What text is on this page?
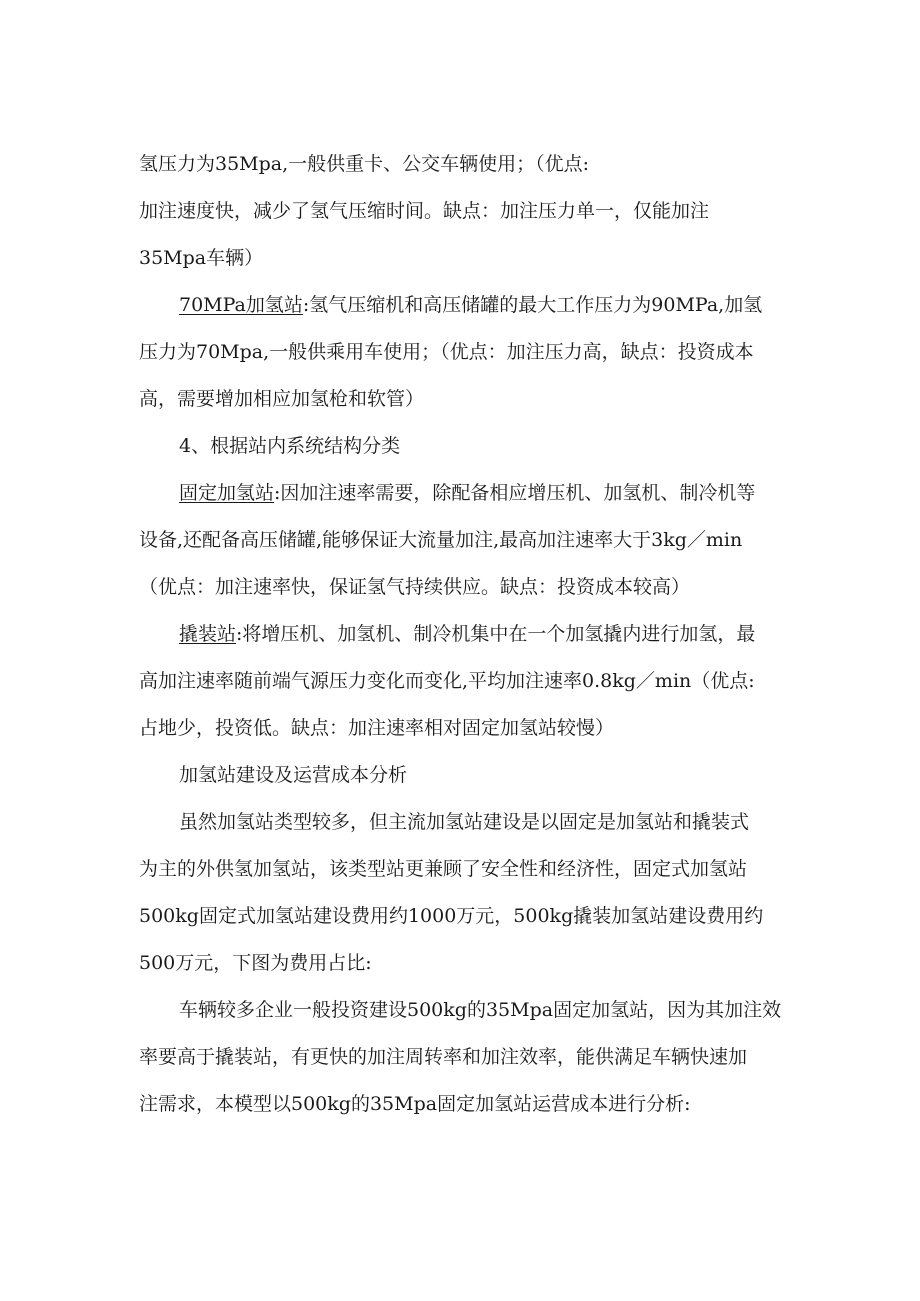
氢压力为35Mpa,一般供重卡、公交车辆使用；（优点:
加注速度快，减少了氢气压缩时间。缺点：加注压力单一，仅能加注
35Mpa车辆）
70MPa加氢站:氢气压缩机和高压储罐的最大工作压力为90MPa,加氢
压力为70Mpa,一般供乘用车使用；（优点：加注压力高，缺点：投资成本
高，需要增加相应加氢枪和软管）
4、根据站内系统结构分类
固定加氢站:因加注速率需要，除配备相应增压机、加氢机、制冷机等
设备,还配备高压储罐,能够保证大流量加注,最高加注速率大于3kg／min
（优点：加注速率快，保证氢气持续供应。缺点：投资成本较高）
撬装站:将增压机、加氢机、制冷机集中在一个加氢撬内进行加氢，最
高加注速率随前端气源压力变化而变化,平均加注速率0.8kg／min（优点:
占地少，投资低。缺点：加注速率相对固定加氢站较慢）
加氢站建设及运营成本分析
虽然加氢站类型较多，但主流加氢站建设是以固定是加氢站和撬装式
为主的外供氢加氢站，该类型站更兼顾了安全性和经济性，固定式加氢站
500kg固定式加氢站建设费用约1000万元，500kg撬装加氢站建设费用约
500万元，下图为费用占比:
车辆较多企业一般投资建设500kg的35Mpa固定加氢站，因为其加注效
率要高于撬装站，有更快的加注周转率和加注效率，能供满足车辆快速加
注需求，本模型以500kg的35Mpa固定加氢站运营成本进行分析:
